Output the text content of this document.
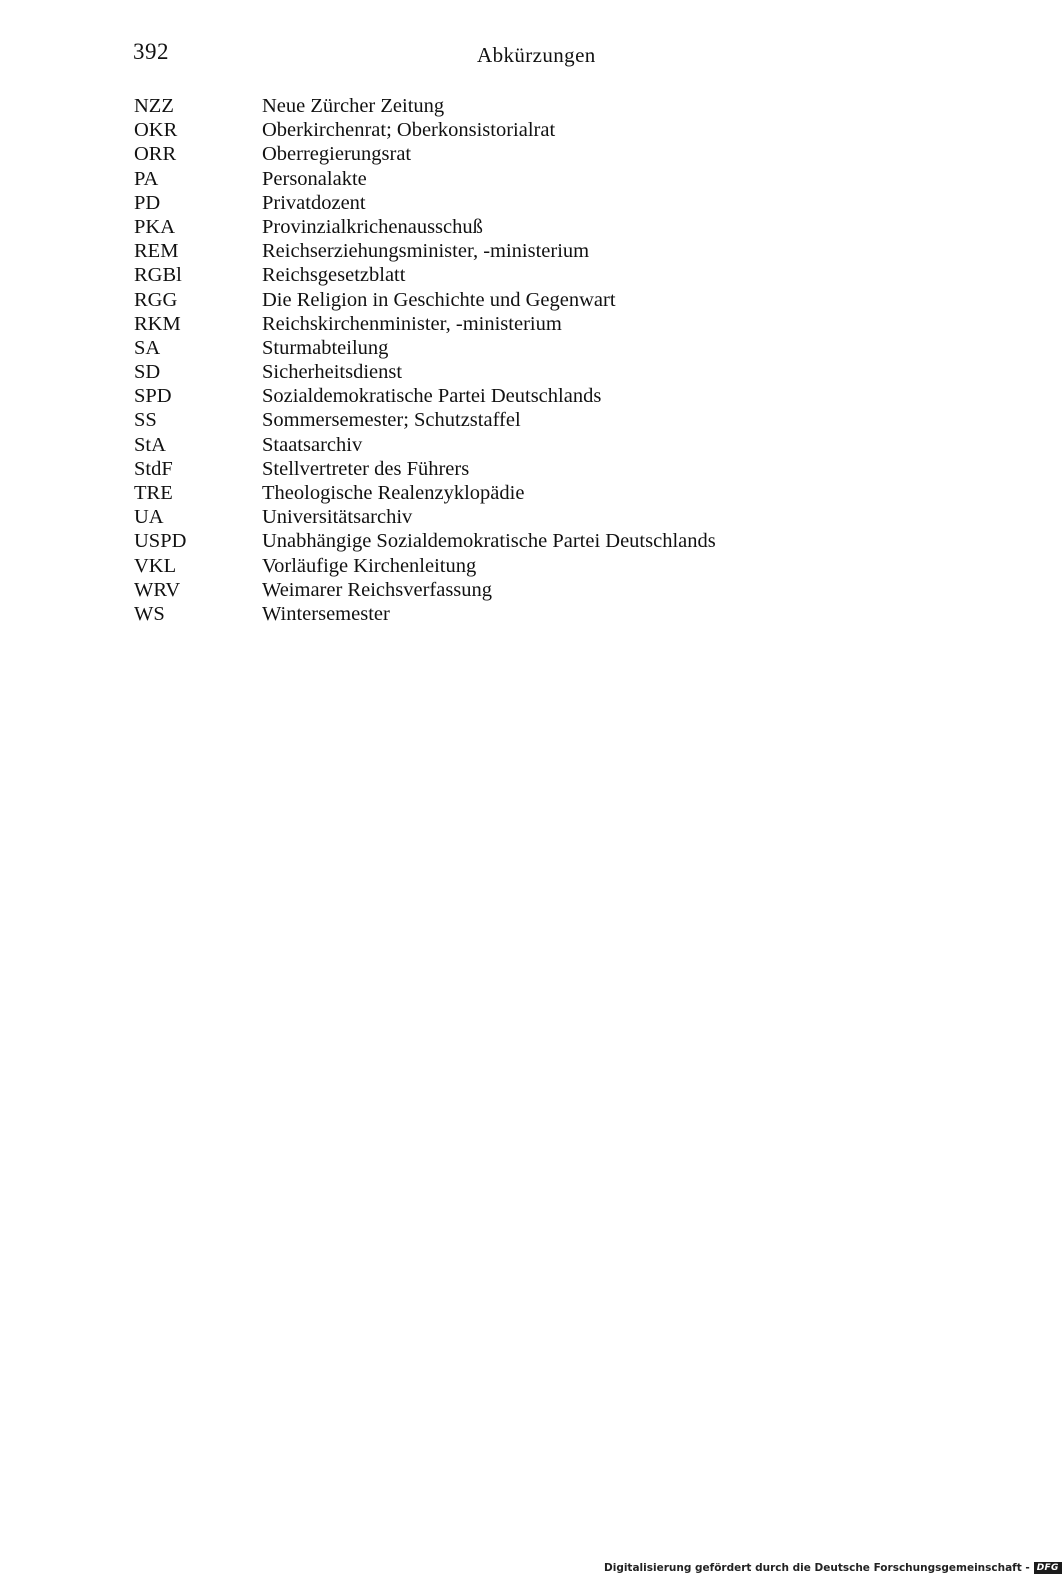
392	Abkürzungen
NZZ	Neue Zürcher Zeitung
OKR	Oberkirchenrat; Oberkonsistorialrat
ORR	Oberregierungsrat
PA	Personalakte
PD	Privatdozent
PKA	Provinzialkrichenausschuß
REM	Reichserziehungsminister, -ministerium
RGBl	Reichsgesetzblatt
RGG	Die Religion in Geschichte und Gegenwart
RKM	Reichskirchenminister, -ministerium
SA	Sturmabteilung
SD	Sicherheitsdienst
SPD	Sozialdemokratische Partei Deutschlands
SS	Sommersemester; Schutzstaffel
StA	Staatsarchiv
StdF	Stellvertreter des Führers
TRE	Theologische Realenzyklopädie
UA	Universitätsarchiv
USPD	Unabhängige Sozialdemokratische Partei Deutschlands
VKL	Vorläufige Kirchenleitung
WRV	Weimarer Reichsverfassung
WS	Wintersemester
Digitalisierung gefördert durch die Deutsche Forschungsgemeinschaft - DFG
